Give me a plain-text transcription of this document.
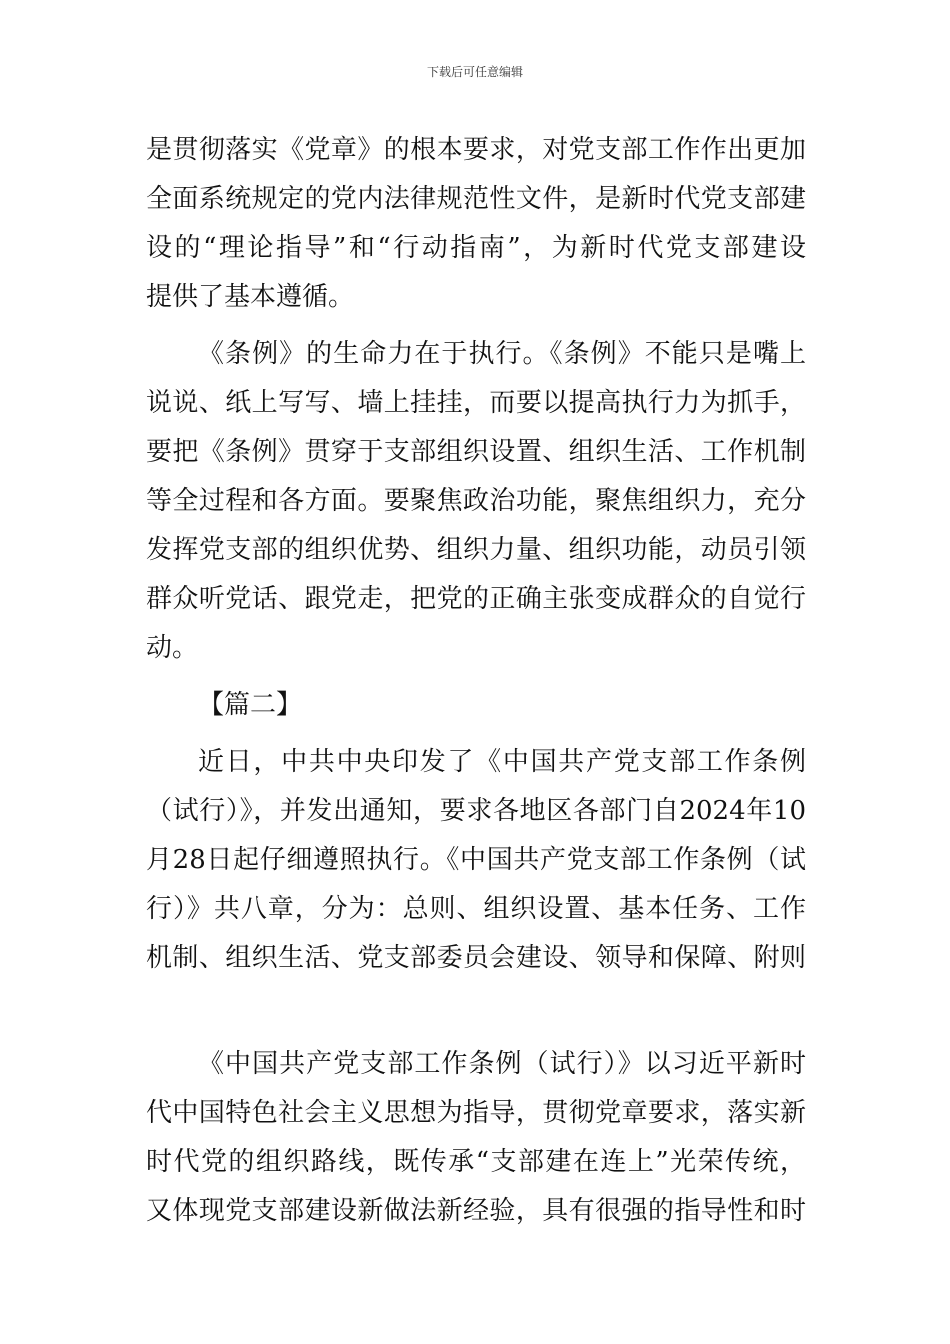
下载后可任意编辑
是贯彻落实《党章》的根本要求，对党支部工作作出更加
全面系统规定的党内法律规范性文件，是新时代党支部建
设的“理论指导”和“行动指南”，为新时代党支部建设
提供了基本遵循。
《条例》的生命力在于执行。《条例》不能只是嘴上
说说、纸上写写、墙上挂挂，而要以提高执行力为抓手，
要把《条例》贯穿于支部组织设置、组织生活、工作机制
等全过程和各方面。要聚焦政治功能，聚焦组织力，充分
发挥党支部的组织优势、组织力量、组织功能，动员引领
群众听党话、跟党走，把党的正确主张变成群众的自觉行
动。
【篇二】
近日，中共中央印发了《中国共产党支部工作条例
（试行）》，并发出通知，要求各地区各部门自2024年10
月28日起仔细遵照执行。《中国共产党支部工作条例（试
行）》共八章，分为：总则、组织设置、基本任务、工作
机制、组织生活、党支部委员会建设、领导和保障、附则
《中国共产党支部工作条例（试行）》以习近平新时
代中国特色社会主义思想为指导，贯彻党章要求，落实新
时代党的组织路线，既传承“支部建在连上”光荣传统，
又体现党支部建设新做法新经验，具有很强的指导性和时
